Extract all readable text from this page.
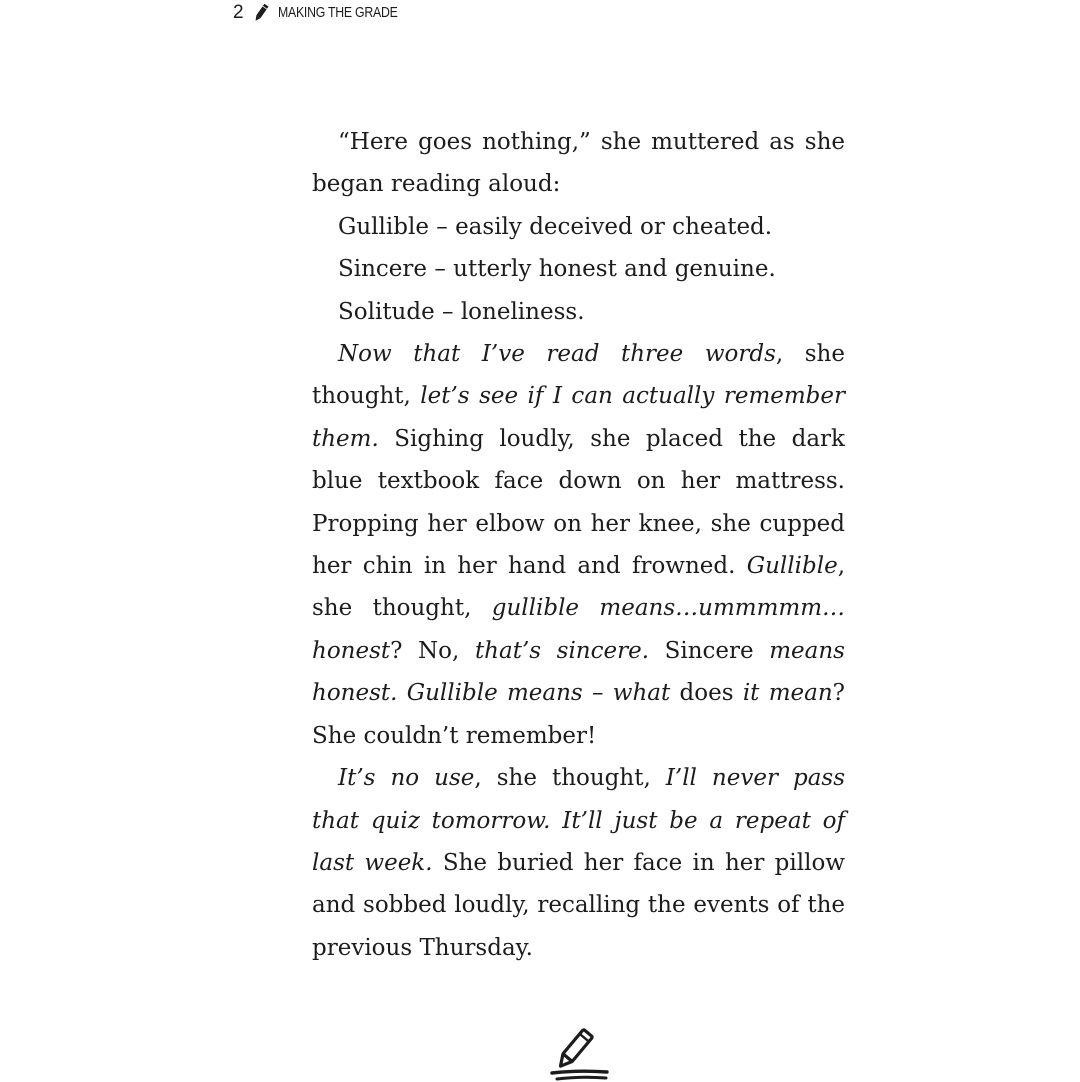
2 MAKING THE GRADE

“Here goes nothing,” she muttered as she began reading aloud:

Gullible – easily deceived or cheated.

Sincere – utterly honest and genuine.

Solitude – loneliness.

Now that I’ve read three words, she thought, let’s see if I can actually remember them. Sighing loudly, she placed the dark blue textbook face down on her mattress. Propping her elbow on her knee, she cupped her chin in her hand and frowned. Gullible, she thought, gullible means…ummmmm… honest? No, that’s sincere. Sincere means honest. Gullible means – what does it mean? She couldn’t remember!

It’s no use, she thought, I’ll never pass that quiz tomorrow. It’ll just be a repeat of last week. She buried her face in her pillow and sobbed loudly, recalling the events of the previous Thursday.
